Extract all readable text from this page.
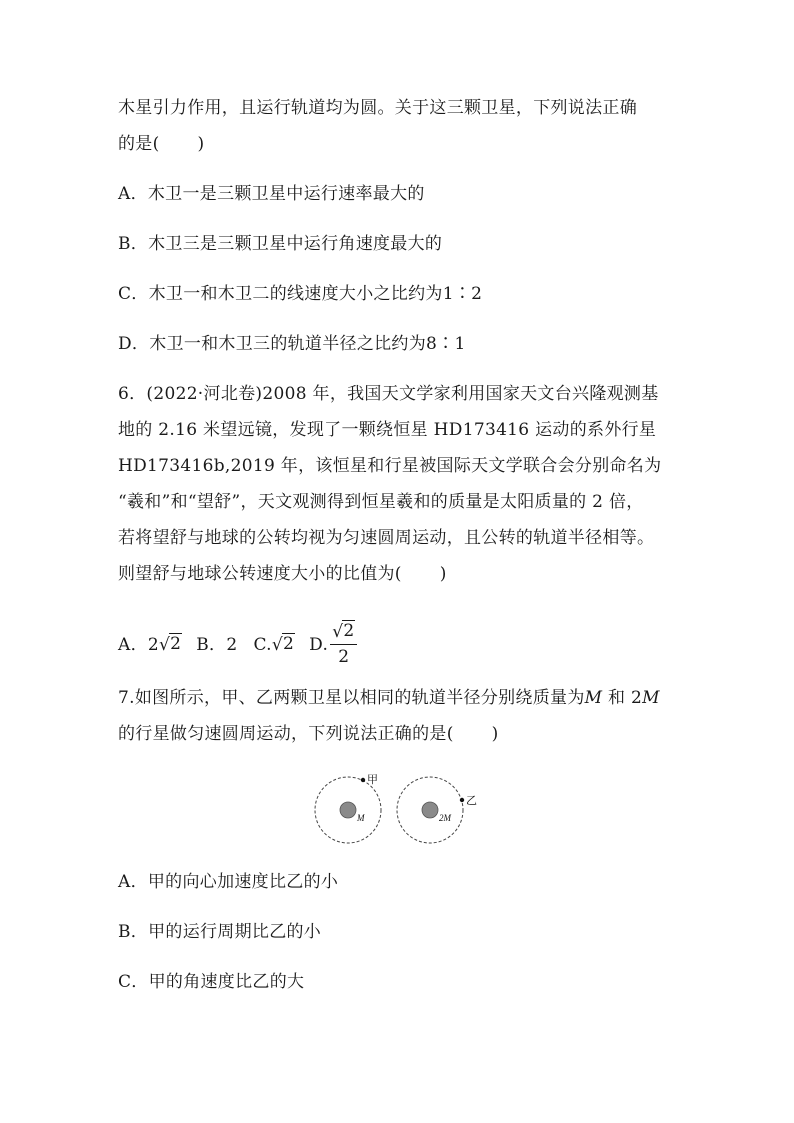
木星引力作用，且运行轨道均为圆。关于这三颗卫星，下列说法正确
的是( )
A．木卫一是三颗卫星中运行速率最大的
B．木卫三是三颗卫星中运行角速度最大的
C．木卫一和木卫二的线速度大小之比约为1∶2
D．木卫一和木卫三的轨道半径之比约为8∶1
6．(2022·河北卷)2008 年，我国天文学家利用国家天文台兴隆观测基
地的 2.16 米望远镜，发现了一颗绕恒星 HD173416 运动的系外行星
HD173416b,2019 年，该恒星和行星被国际天文学联合会分别命名为
“羲和”和“望舒”，天文观测得到恒星羲和的质量是太阳质量的 2 倍，
若将望舒与地球的公转均视为匀速圆周运动，且公转的轨道半径相等。
则望舒与地球公转速度大小的比值为( )
A．2 √ 2 B．2 C. √ 2 D. $\frac{√ 2}{2}$
7.如图所示，甲、乙两颗卫星以相同的轨道半径分别绕质量为M 和 2M
的行星做匀速圆周运动，下列说法正确的是( )
甲
M
乙
2M
A．甲的向心加速度比乙的小
B．甲的运行周期比乙的小
C．甲的角速度比乙的大
